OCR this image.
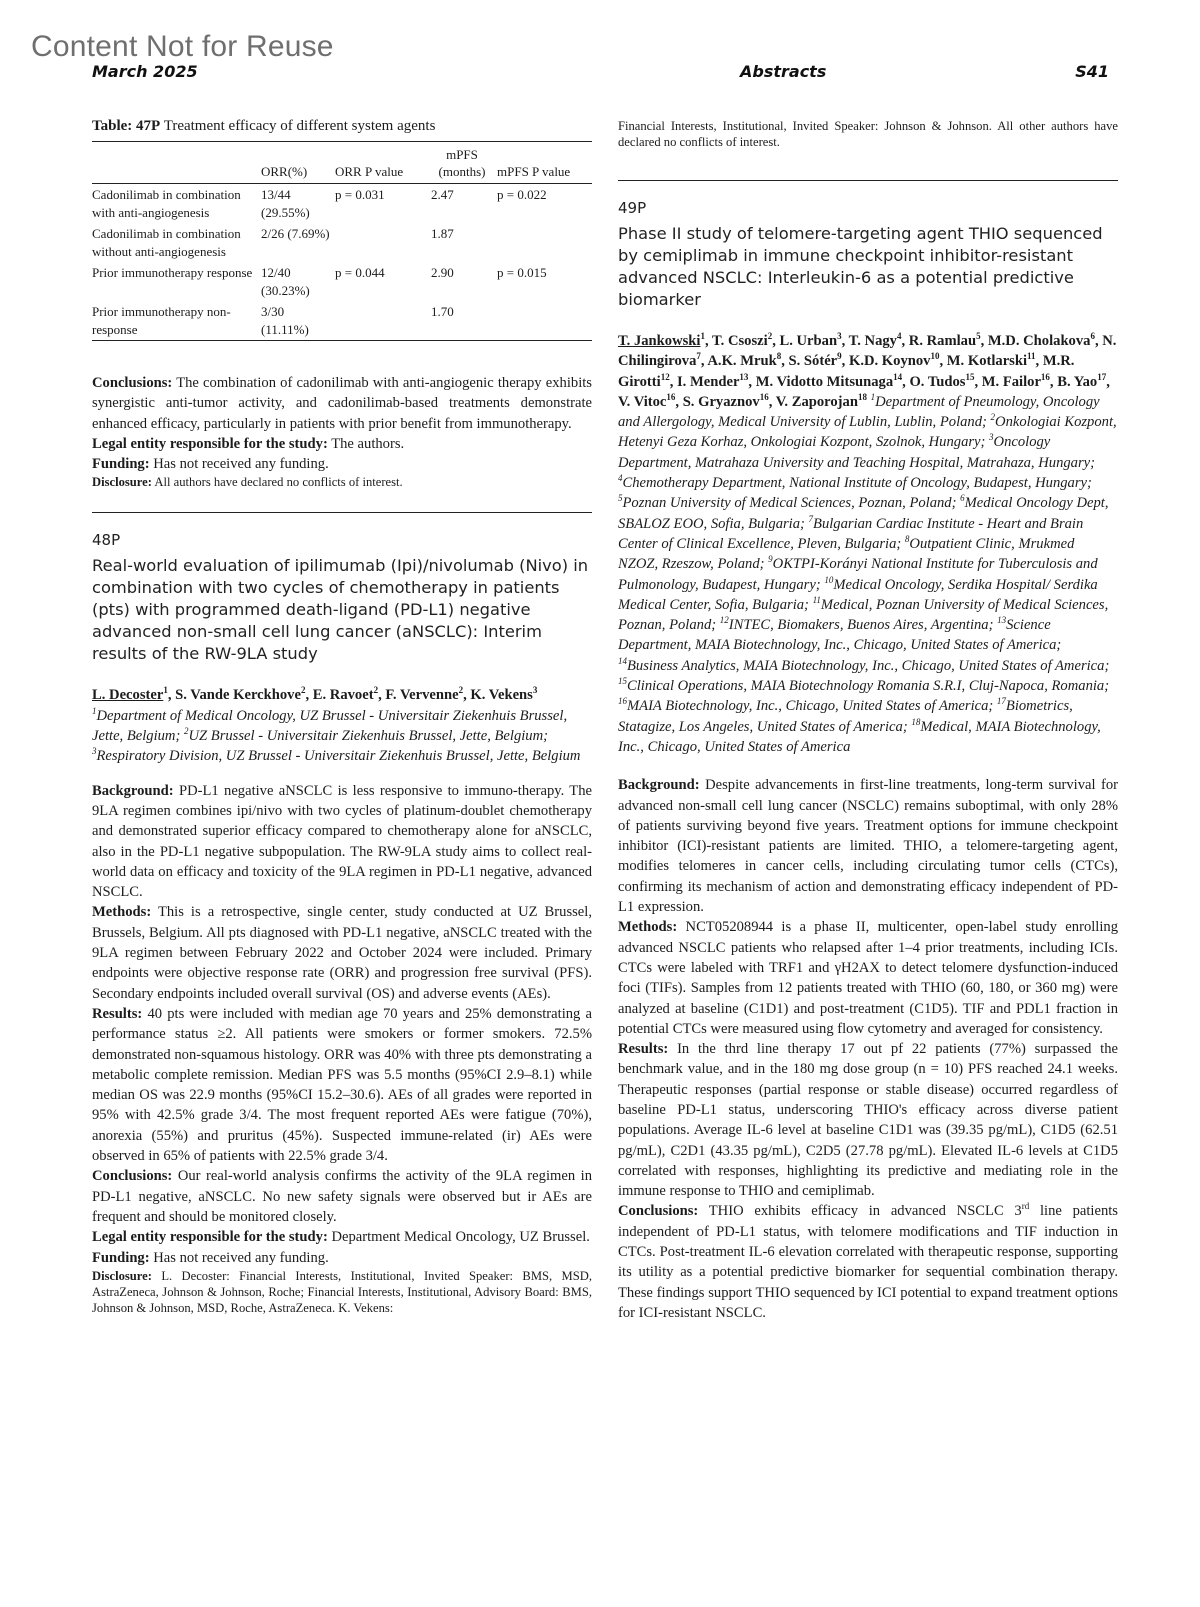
Content Not for Reuse
March 2025	Abstracts	S41
Table: 47P Treatment efficacy of different system agents
	ORR(%)	ORR P value	mPFS (months)	mPFS P value
Cadonilimab in combination with anti-angiogenesis	13/44 (29.55%)	p = 0.031	2.47	p = 0.022
Cadonilimab in combination without anti-angiogenesis	2/26 (7.69%)		1.87	
Prior immunotherapy response	12/40 (30.23%)	p = 0.044	2.90	p = 0.015
Prior immunotherapy non-response	3/30 (11.11%)		1.70	

Conclusions: The combination of cadonilimab with anti-angiogenic therapy exhibits synergistic anti-tumor activity, and cadonilimab-based treatments demonstrate enhanced efficacy, particularly in patients with prior benefit from immunotherapy.

Legal entity responsible for the study: The authors.

Funding: Has not received any funding.

Disclosure: All authors have declared no conflicts of interest.

48P
Real-world evaluation of ipilimumab (Ipi)/nivolumab (Nivo) in combination with two cycles of chemotherapy in patients (pts) with programmed death-ligand (PD-L1) negative advanced non-small cell lung cancer (aNSCLC): Interim results of the RW-9LA study
L. Decoster$^1$, S. Vande Kerckhove$^2$, E. Ravoet$^2$, F. Vervenne$^2$, K. Vekens$^3$ $^1$Department of Medical Oncology, UZ Brussel - Universitair Ziekenhuis Brussel, Jette, Belgium; $^2$UZ Brussel - Universitair Ziekenhuis Brussel, Jette, Belgium; $^3$Respiratory Division, UZ Brussel - Universitair Ziekenhuis Brussel, Jette, Belgium

Background: PD-L1 negative aNSCLC is less responsive to immuno-therapy. The 9LA regimen combines ipi/nivo with two cycles of platinum-doublet chemotherapy and demonstrated superior efficacy compared to chemotherapy alone for aNSCLC, also in the PD-L1 negative subpopulation. The RW-9LA study aims to collect real-world data on efficacy and toxicity of the 9LA regimen in PD-L1 negative, advanced NSCLC.

Methods: This is a retrospective, single center, study conducted at UZ Brussel, Brussels, Belgium. All pts diagnosed with PD-L1 negative, aNSCLC treated with the 9LA regimen between February 2022 and October 2024 were included. Primary endpoints were objective response rate (ORR) and progression free survival (PFS). Secondary endpoints included overall survival (OS) and adverse events (AEs).

Results: 40 pts were included with median age 70 years and 25% demonstrating a performance status ≥2. All patients were smokers or former smokers. 72.5% demonstrated non-squamous histology. ORR was 40% with three pts demonstrating a metabolic complete remission. Median PFS was 5.5 months (95%CI 2.9–8.1) while median OS was 22.9 months (95%CI 15.2–30.6). AEs of all grades were reported in 95% with 42.5% grade 3/4. The most frequent reported AEs were fatigue (70%), anorexia (55%) and pruritus (45%). Suspected immune-related (ir) AEs were observed in 65% of patients with 22.5% grade 3/4.

Conclusions: Our real-world analysis confirms the activity of the 9LA regimen in PD-L1 negative, aNSCLC. No new safety signals were observed but ir AEs are frequent and should be monitored closely.

Legal entity responsible for the study: Department Medical Oncology, UZ Brussel.

Funding: Has not received any funding.

Disclosure: L. Decoster: Financial Interests, Institutional, Invited Speaker: BMS, MSD, AstraZeneca, Johnson & Johnson, Roche; Financial Interests, Institutional, Advisory Board: BMS, Johnson & Johnson, MSD, Roche, AstraZeneca. K. Vekens:

Financial Interests, Institutional, Invited Speaker: Johnson & Johnson. All other authors have declared no conflicts of interest.

49P
Phase II study of telomere-targeting agent THIO sequenced by cemiplimab in immune checkpoint inhibitor-resistant advanced NSCLC: Interleukin-6 as a potential predictive biomarker
T. Jankowski$^1$, T. Csoszi$^2$, L. Urban$^3$, T. Nagy$^4$, R. Ramlau$^5$, M.D. Cholakova$^6$, N. Chilingirova$^7$, A.K. Mruk$^8$, S. Sótér$^9$, K.D. Koynov$^{10}$, M. Kotlarski$^{11}$, M.R. Girotti$^{12}$, I. Mender$^{13}$, M. Vidotto Mitsunaga$^{14}$, O. Tudos$^{15}$, M. Failor$^{16}$, B. Yao$^{17}$, V. Vitoc$^{16}$, S. Gryaznov$^{16}$, V. Zaporojan$^{18}$ $^1$Department of Pneumology, Oncology and Allergology, Medical University of Lublin, Lublin, Poland; $^2$Onkologiai Kozpont, Hetenyi Geza Korhaz, Onkologiai Kozpont, Szolnok, Hungary; $^3$Oncology Department, Matrahaza University and Teaching Hospital, Matrahaza, Hungary; $^4$Chemotherapy Department, National Institute of Oncology, Budapest, Hungary; $^5$Poznan University of Medical Sciences, Poznan, Poland; $^6$Medical Oncology Dept, SBALOZ EOO, Sofia, Bulgaria; $^7$Bulgarian Cardiac Institute - Heart and Brain Center of Clinical Excellence, Pleven, Bulgaria; $^8$Outpatient Clinic, Mrukmed NZOZ, Rzeszow, Poland; $^9$OKTPI-Korányi National Institute for Tuberculosis and Pulmonology, Budapest, Hungary; $^{10}$Medical Oncology, Serdika Hospital/ Serdika Medical Center, Sofia, Bulgaria; $^{11}$Medical, Poznan University of Medical Sciences, Poznan, Poland; $^{12}$INTEC, Biomakers, Buenos Aires, Argentina; $^{13}$Science Department, MAIA Biotechnology, Inc., Chicago, United States of America; $^{14}$Business Analytics, MAIA Biotechnology, Inc., Chicago, United States of America; $^{15}$Clinical Operations, MAIA Biotechnology Romania S.R.I, Cluj-Napoca, Romania; $^{16}$MAIA Biotechnology, Inc., Chicago, United States of America; $^{17}$Biometrics, Statagize, Los Angeles, United States of America; $^{18}$Medical, MAIA Biotechnology, Inc., Chicago, United States of America

Background: Despite advancements in first-line treatments, long-term survival for advanced non-small cell lung cancer (NSCLC) remains suboptimal, with only 28% of patients surviving beyond five years. Treatment options for immune checkpoint inhibitor (ICI)-resistant patients are limited. THIO, a telomere-targeting agent, modifies telomeres in cancer cells, including circulating tumor cells (CTCs), confirming its mechanism of action and demonstrating efficacy independent of PD-L1 expression.

Methods: NCT05208944 is a phase II, multicenter, open-label study enrolling advanced NSCLC patients who relapsed after 1–4 prior treatments, including ICIs. CTCs were labeled with TRF1 and γH2AX to detect telomere dysfunction-induced foci (TIFs). Samples from 12 patients treated with THIO (60, 180, or 360 mg) were analyzed at baseline (C1D1) and post-treatment (C1D5). TIF and PDL1 fraction in potential CTCs were measured using flow cytometry and averaged for consistency.

Results: In the thrd line therapy 17 out pf 22 patients (77%) surpassed the benchmark value, and in the 180 mg dose group (n = 10) PFS reached 24.1 weeks. Therapeutic responses (partial response or stable disease) occurred regardless of baseline PD-L1 status, underscoring THIO's efficacy across diverse patient populations. Average IL-6 level at baseline C1D1 was (39.35 pg/mL), C1D5 (62.51 pg/mL), C2D1 (43.35 pg/mL), C2D5 (27.78 pg/mL). Elevated IL-6 levels at C1D5 correlated with responses, highlighting its predictive and mediating role in the immune response to THIO and cemiplimab.

Conclusions: THIO exhibits efficacy in advanced NSCLC 3rd line patients independent of PD-L1 status, with telomere modifications and TIF induction in CTCs. Post-treatment IL-6 elevation correlated with therapeutic response, supporting its utility as a potential predictive biomarker for sequential combination therapy. These findings support THIO sequenced by ICI potential to expand treatment options for ICI-resistant NSCLC.
